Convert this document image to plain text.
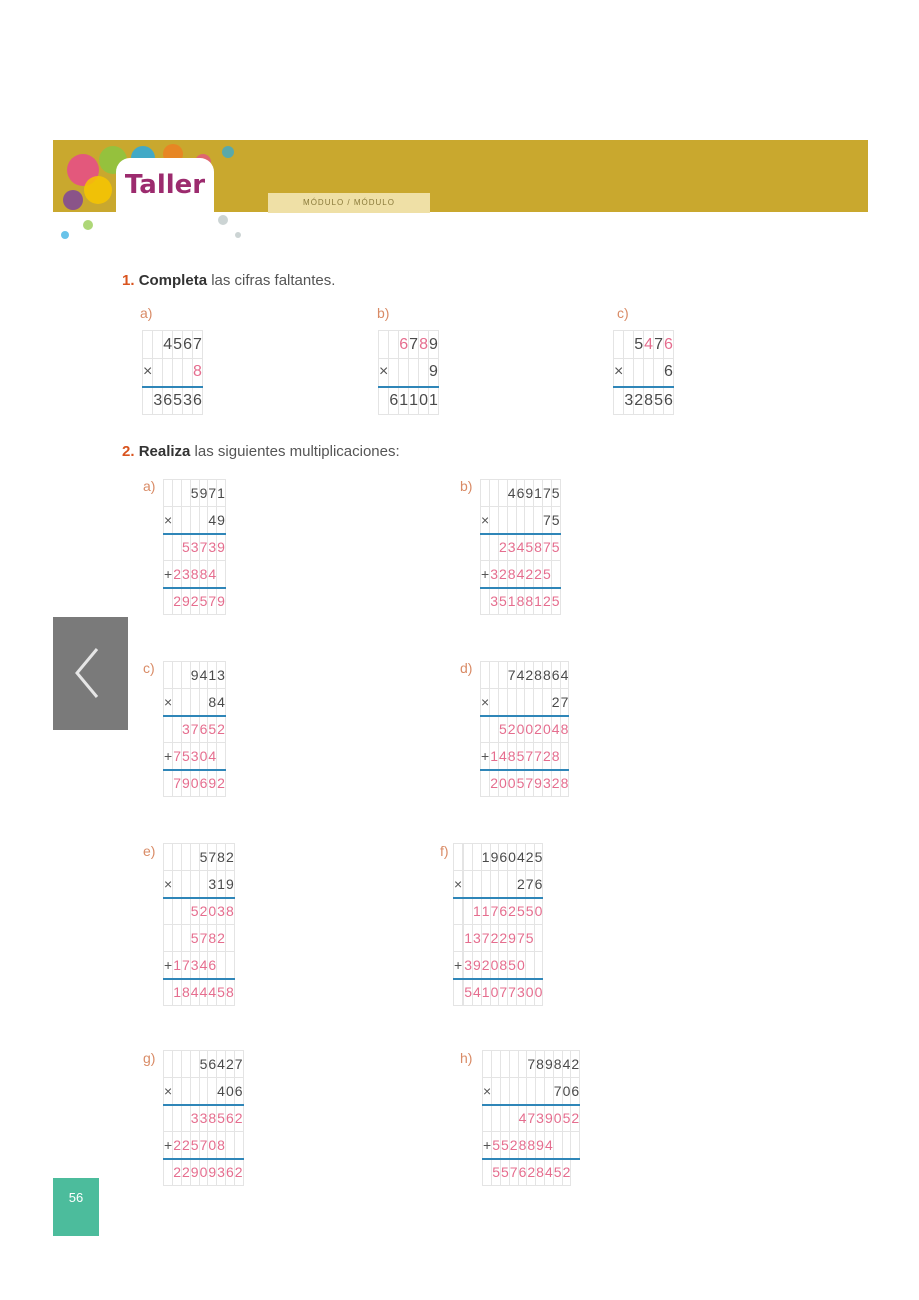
Taller
MÓDULO / MÓDULO
1. Completa las cifras faltantes.
a)
		4	5	6	7
×					8
	3	6	5	3	6
b)
		6	7	8	9
×					9
	6	1	1	0	1
c)
		5	4	7	6
×					6
	3	2	8	5	6
2. Realiza las siguientes multiplicaciones:
a)
				5	9	7	1
×					4	9
		5	3	7	3	9
+	2	3	8	8	4	
	2	9	2	5	7	9
b)
				4	6	9	1	7	5
×							7	5
		2	3	4	5	8	7	5
+	3	2	8	4	2	2	5	
	3	5	1	8	8	1	2	5
c)
				9	4	1	3
×					8	4
		3	7	6	5	2
+	7	5	3	0	4	
	7	9	0	6	9	2
d)
				7	4	2	8	8	6	4
×								2	7
		5	2	0	0	2	0	4	8
+	1	4	8	5	7	7	2	8	
	2	0	0	5	7	9	3	2	8
e)
					5	7	8	2
×					3	1	9
			5	2	0	3	8
			5	7	8	2	
+	1	7	3	4	6		
	1	8	4	4	4	5	8
f)
				1	9	6	0	4	2	5
×								2	7	6
			1	1	7	6	2	5	5	0
		1	3	7	2	2	9	7	5	
+		3	9	2	0	8	5	0		
		5	4	1	0	7	7	3	0	0
g)
					5	6	4	2	7
×						4	0	6
			3	3	8	5	6	2
+	2	2	5	7	0	8		
	2	2	9	0	9	3	6	2
h)
						7	8	9	8	4	2
×								7	0	6
				4	7	3	9	0	5	2
+	5	5	2	8	8	9	4			
	5	5	7	6	2	8	4	5	2	
56
